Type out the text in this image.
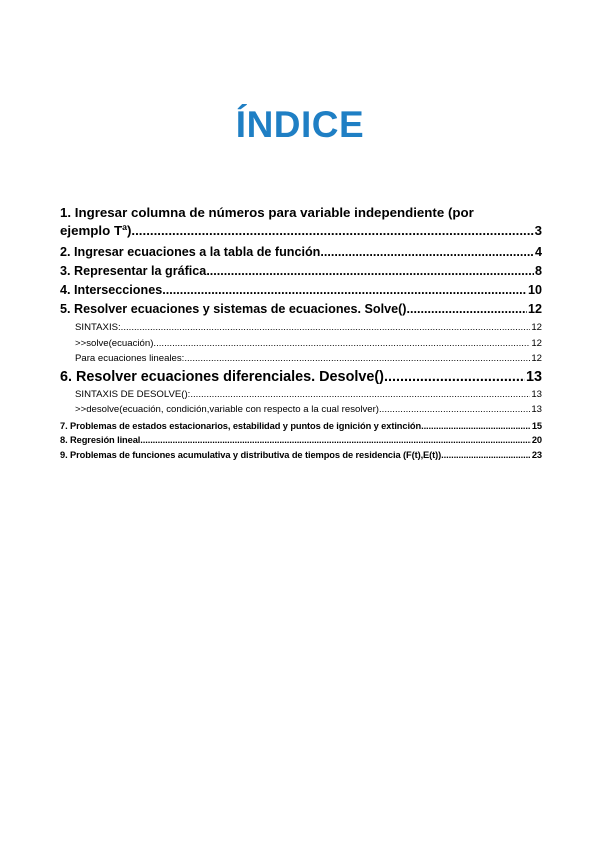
ÍNDICE
1. Ingresar columna de números para variable independiente (por
ejemplo Tª) .....	3
2. Ingresar ecuaciones a la tabla de función .....	4
3. Representar la gráfica .....	8
4. Intersecciones .....	10
5. Resolver ecuaciones y sistemas de ecuaciones. Solve() .....	12
SINTAXIS: .....	12
>>solve(ecuación) .....	12
Para ecuaciones lineales: .....	12
6. Resolver ecuaciones diferenciales. Desolve() .....	13
SINTAXIS DE DESOLVE(): .....	13
>>desolve(ecuación, condición,variable con respecto a la cual resolver) .....	13
7. Problemas de estados estacionarios, estabilidad y puntos de ignición y extinción. .....	15
8. Regresión lineal .....	20
9. Problemas de funciones acumulativa y distributiva de tiempos de residencia (F(t),E(t)) .....	23
